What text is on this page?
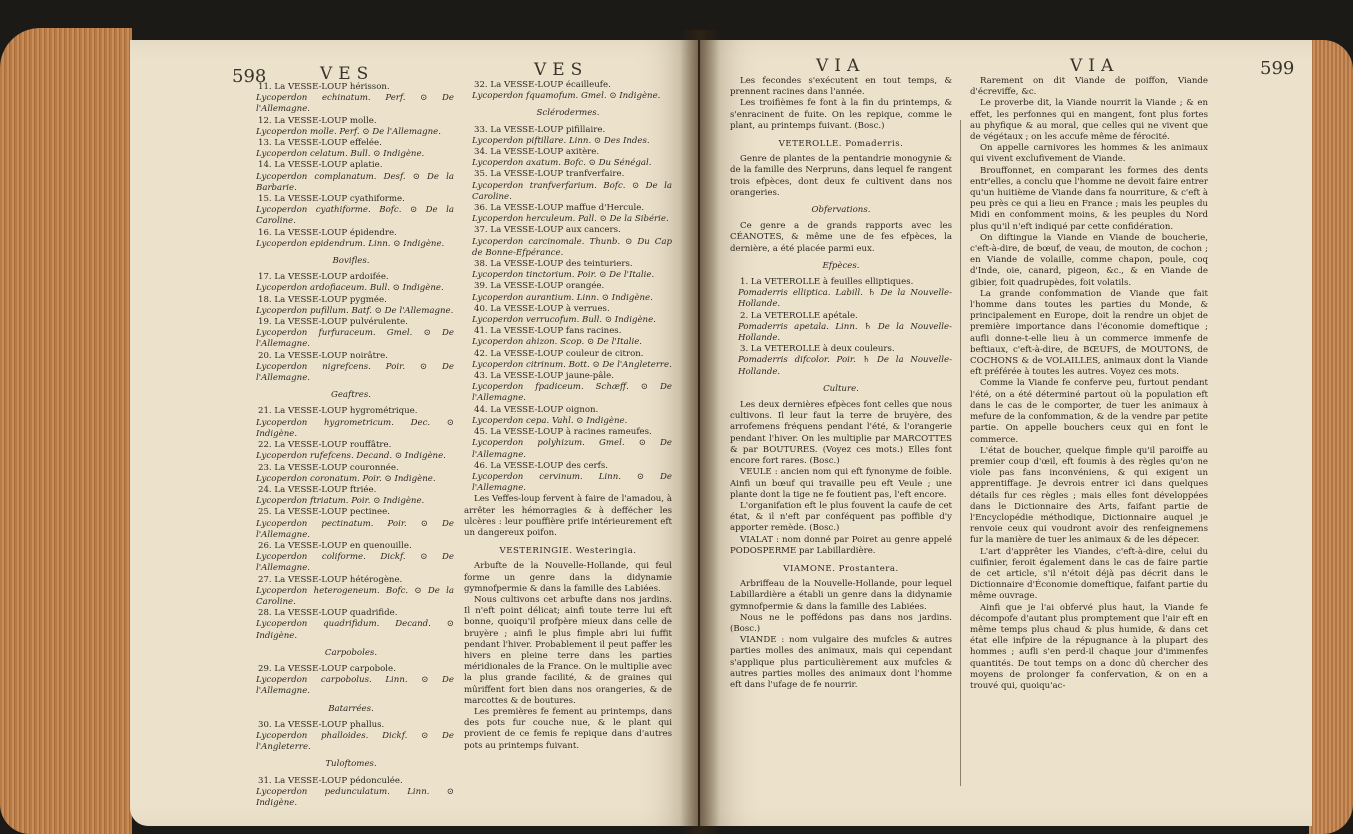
598	VES	VES

11. La VESSE-LOUP hérisson.

Lycoperdon echinatum. Perf. ⊙ De l'Allemagne.

12. La VESSE-LOUP molle.

Lycoperdon molle. Perf. ⊙ De l'Allemagne.

13. La VESSE-LOUP effelée.

Lycoperdon celatum. Bull. ⊙ Indigène.

14. La VESSE-LOUP aplatie.

Lycoperdon complanatum. Desf. ⊙ De la Barbarie.

15. La VESSE-LOUP cyathiforme.

Lycoperdon cyathiforme. Bofc. ⊙ De la Caroline.

16. La VESSE-LOUP épidendre.

Lycoperdon epidendrum. Linn. ⊙ Indigène.

Bovifles.

17. La VESSE-LOUP ardoifée.

Lycoperdon ardofiaceum. Bull. ⊙ Indigène.

18. La VESSE-LOUP pygmée.

Lycoperdon pufillum. Batf. ⊙ De l'Allemagne.

19. La VESSE-LOUP pulvérulente.

Lycoperdon furfuraceum. Gmel. ⊙ De l'Allemagne.

20. La VESSE-LOUP noirâtre.

Lycoperdon nigrefcens. Poir. ⊙ De l'Allemagne.

Geaftres.

21. La VESSE-LOUP hygrométrique.

Lycoperdon hygrometricum. Dec. ⊙ Indigène.

22. La VESSE-LOUP rouffâtre.

Lycoperdon rufefcens. Decand. ⊙ Indigène.

23. La VESSE-LOUP couronnée.

Lycoperdon coronatum. Poir. ⊙ Indigène.

24. La VESSE-LOUP ftriée.

Lycoperdon ftriatum. Poir. ⊙ Indigène.

25. La VESSE-LOUP pectinee.

Lycoperdon pectinatum. Poir. ⊙ De l'Allemagne.

26. La VESSE-LOUP en quenouille.

Lycoperdon coliforme. Dickf. ⊙ De l'Allemagne.

27. La VESSE-LOUP hétérogène.

Lycoperdon heterogeneum. Bofc. ⊙ De la Caroline.

28. La VESSE-LOUP quadrifide.

Lycoperdon quadrifidum. Decand. ⊙ Indigène.

Carpoboles.

29. La VESSE-LOUP carpobole.

Lycoperdon carpobolus. Linn. ⊙ De l'Allemagne.

Batarrées.

30. La VESSE-LOUP phallus.

Lycoperdon phalloides. Dickf. ⊙ De l'Angleterre.

Tuloftomes.

31. La VESSE-LOUP pédonculée.

Lycoperdon pedunculatum. Linn. ⊙ Indigène.

32. La VESSE-LOUP écailleufe.

Lycoperdon fquamofum. Gmel. ⊙ Indigène.

Sclérodermes.

33. La VESSE-LOUP pifillaire.

Lycoperdon piftillare. Linn. ⊙ Des Indes.

34. La VESSE-LOUP axitère.

Lycoperdon axatum. Bofc. ⊙ Du Sénégal.

35. La VESSE-LOUP tranfverfaire.

Lycoperdon tranfverfarium. Bofc. ⊙ De la Caroline.

36. La VESSE-LOUP maffue d'Hercule.

Lycoperdon herculeum. Pall. ⊙ De la Sibérie.

37. La VESSE-LOUP aux cancers.

Lycoperdon carcinomale. Thunb. ⊙ Du Cap de Bonne-Efpérance.

38. La VESSE-LOUP des teinturiers.

Lycoperdon tinctorium. Poir. ⊙ De l'Italie.

39. La VESSE-LOUP orangée.

Lycoperdon aurantium. Linn. ⊙ Indigène.

40. La VESSE-LOUP à verrues.

Lycoperdon verrucofum. Bull. ⊙ Indigène.

41. La VESSE-LOUP fans racines.

Lycoperdon ahizon. Scop. ⊙ De l'Italie.

42. La VESSE-LOUP couleur de citron.

Lycoperdon citrinum. Bott. ⊙ De l'Angleterre.

43. La VESSE-LOUP jaune-pâle.

Lycoperdon fpadiceum. Schæff. ⊙ De l'Allemagne.

44. La VESSE-LOUP oignon.

Lycoperdon cepa. Vahl. ⊙ Indigène.

45. La VESSE-LOUP à racines rameufes.

Lycoperdon polyhizum. Gmel. ⊙ De l'Allemagne.

46. La VESSE-LOUP des cerfs.

Lycoperdon cervinum. Linn. ⊙ De l'Allemagne.

Les Veffes-loup fervent à faire de l'amadou, à arrêter les hémorragies & à deffécher les ulcères : leur pouffière prife intérieurement eft un dangereux poifon.

VESTERINGIE. Westeringia.

Arbufte de la Nouvelle-Hollande, qui feul forme un genre dans la didynamie gymnofpermie & dans la famille des Labiées.

Nous cultivons cet arbufte dans nos jardins. Il n'eft point délicat; ainfi toute terre lui eft bonne, quoiqu'il profpère mieux dans celle de bruyère ; ainfi le plus fimple abri lui fuffit pendant l'hiver. Probablement il peut paffer les hivers en pleine terre dans les parties méridionales de la France. On le multiplie avec la plus grande facilité, & de graines qui mûriffent fort bien dans nos orangeries, & de marcottes & de boutures.

Les premières fe fement au printemps, dans des pots fur couche nue, & le plant qui provient de ce femis fe repique dans d'autres pots au printemps fuivant.

VIA	VIA	599

Les fecondes s'exécutent en tout temps, & prennent racines dans l'année.

Les troifièmes fe font à la fin du printemps, & s'enracinent de fuite. On les repique, comme le plant, au printemps fuivant. (Bosc.)

VETEROLLE. Pomaderris.

Genre de plantes de la pentandrie monogynie & de la famille des Nerpruns, dans lequel fe rangent trois efpèces, dont deux fe cultivent dans nos orangeries.

Obfervations.

Ce genre a de grands rapports avec les CÉANOTES, & même une de fes efpèces, la dernière, a été placée parmi eux.

Efpèces.

1. La VETEROLLE à feuilles elliptiques.

Pomaderris elliptica. Labill. ♄ De la Nouvelle-Hollande.

2. La VETEROLLE apétale.

Pomaderris apetala. Linn. ♄ De la Nouvelle-Hollande.

3. La VETEROLLE à deux couleurs.

Pomaderris difcolor. Poir. ♄ De la Nouvelle-Hollande.

Culture.

Les deux dernières efpèces font celles que nous cultivons. Il leur faut la terre de bruyère, des arrofemens fréquens pendant l'été, & l'orangerie pendant l'hiver. On les multiplie par MARCOTTES & par BOUTURES. (Voyez ces mots.) Elles font encore fort rares. (Bosc.)

VEULE : ancien nom qui eft fynonyme de foible. Ainfi un bœuf qui travaille peu eft Veule ; une plante dont la tige ne fe foutient pas, l'eft encore.

L'organifation eft le plus fouvent la caufe de cet état, & il n'eft par conféquent pas poffible d'y apporter remède. (Bosc.)

VIALAT : nom donné par Poiret au genre appelé PODOSPERME par Labillardière.

VIAMONE. Prostantera.

Arbriffeau de la Nouvelle-Hollande, pour lequel Labillardière a établi un genre dans la didynamie gymnofpermie & dans la famille des Labiées.

Nous ne le poffédons pas dans nos jardins. (Bosc.)

VIANDE : nom vulgaire des mufcles & autres parties molles des animaux, mais qui cependant s'applique plus particulièrement aux mufcles & autres parties molles des animaux dont l'homme eft dans l'ufage de fe nourrir.

Rarement on dit Viande de poiffon, Viande d'écreviffe, &c.

Le proverbe dit, la Viande nourrit la Viande ; & en effet, les perfonnes qui en mangent, font plus fortes au phyfique & au moral, que celles qui ne vivent que de végétaux ; on les accufe même de férocité.

On appelle carnivores les hommes & les animaux qui vivent exclufivement de Viande.

Brouffonnet, en comparant les formes des dents entr'elles, a conclu que l'homme ne devoit faire entrer qu'un huitième de Viande dans fa nourriture, & c'eft à peu près ce qui a lieu en France ; mais les peuples du Midi en confomment moins, & les peuples du Nord plus qu'il n'eft indiqué par cette confidération.

On diftingue la Viande en Viande de boucherie, c'eft-à-dire, de bœuf, de veau, de mouton, de cochon ; en Viande de volaille, comme chapon, poule, coq d'Inde, oie, canard, pigeon, &c., & en Viande de gibier, foit quadrupèdes, foit volatils.

La grande confommation de Viande que fait l'homme dans toutes les parties du Monde, & principalement en Europe, doit la rendre un objet de première importance dans l'économie domeftique ; aufli donne-t-elle lieu à un commerce immenfe de beftiaux, c'eft-à-dire, de BŒUFS, de MOUTONS, de COCHONS & de VOLAILLES, animaux dont la Viande eft préférée à toutes les autres. Voyez ces mots.

Comme la Viande fe conferve peu, furtout pendant l'été, on a été déterminé partout où la population eft dans le cas de le comporter, de tuer les animaux à mefure de la confommation, & de la vendre par petite partie. On appelle bouchers ceux qui en font le commerce.

L'état de boucher, quelque fimple qu'il paroiffe au premier coup d'œil, eft foumis à des règles qu'on ne viole pas fans inconvéniens, & qui exigent un apprentiffage. Je devrois entrer ici dans quelques détails fur ces règles ; mais elles font développées dans le Dictionnaire des Arts, faifant partie de l'Encyclopédie méthodique, Dictionnaire auquel je renvoie ceux qui voudront avoir des renfeignemens fur la manière de tuer les animaux & de les dépecer.

L'art d'apprêter les Viandes, c'eft-à-dire, celui du cuifinier, feroit également dans le cas de faire partie de cet article, s'il n'étoit déjà pas décrit dans le Dictionnaire d'Économie domeftique, faifant partie du même ouvrage.

Ainfi que je l'ai obfervé plus haut, la Viande fe décompofe d'autant plus promptement que l'air eft en même temps plus chaud & plus humide, & dans cet état elle infpire de la répugnance à la plupart des hommes ; aufli s'en perd-il chaque jour d'immenfes quantités. De tout temps on a donc dû chercher des moyens de prolonger fa confervation, & on en a trouvé qui, quoiqu'ac-
